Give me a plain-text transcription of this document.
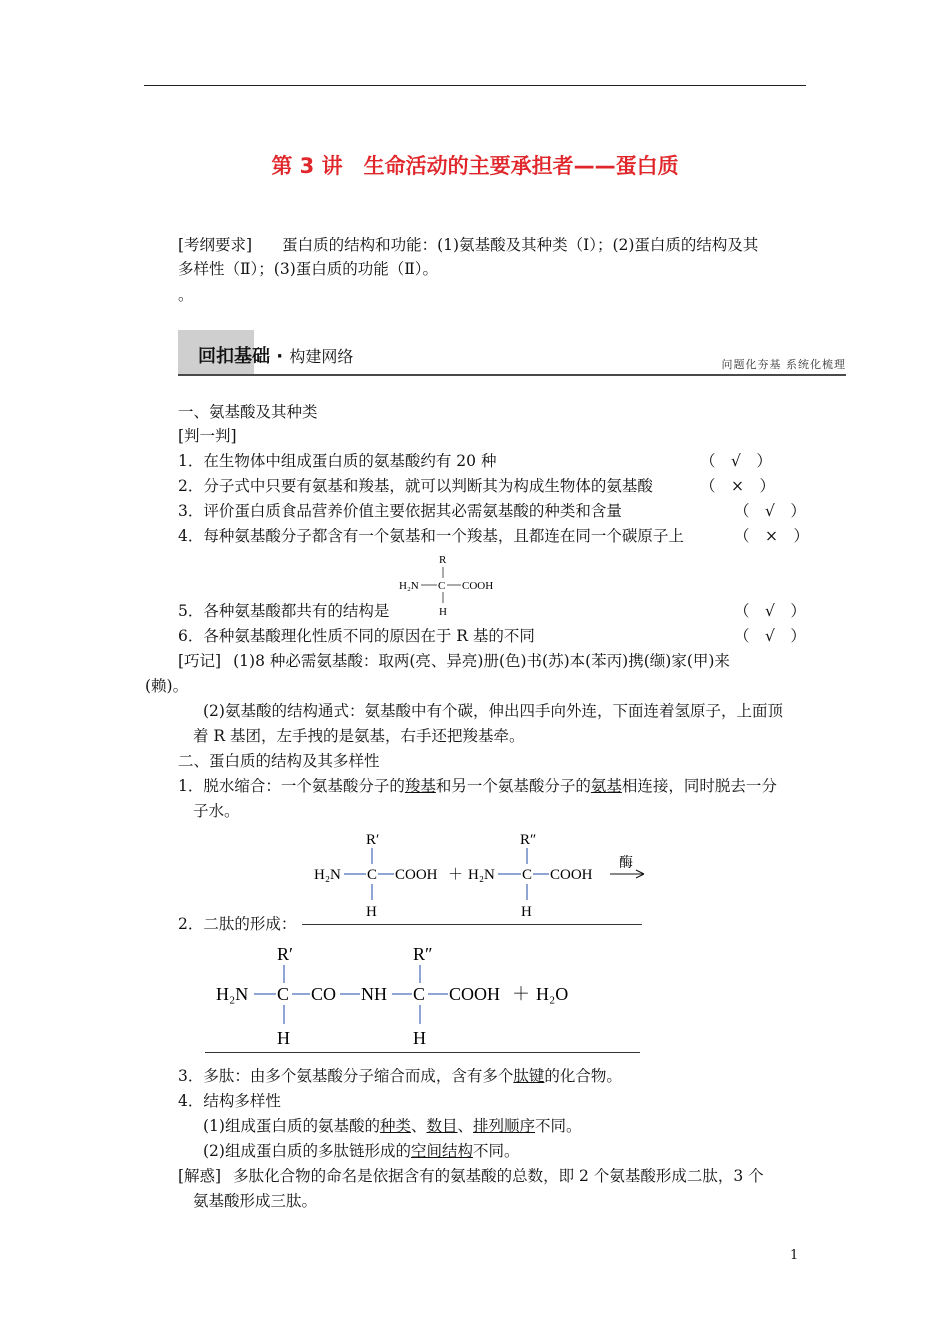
第 3 讲　生命活动的主要承担者——蛋白质
[考纲要求] 蛋白质的结构和功能：(1)氨基酸及其种类（Ⅰ）；(2)蛋白质的结构及其
多样性（Ⅱ）；(3)蛋白质的功能（Ⅱ）。
。
回扣基础 · 构建网络	问题化夯基 系统化梳理
一、氨基酸及其种类
[判一判]
1．在生物体中组成蛋白质的氨基酸约有 20 种	（　√　）
2．分子式中只要有氨基和羧基，就可以判断其为构成生物体的氨基酸	（　×　）
3．评价蛋白质食品营养价值主要依据其必需氨基酸的种类和含量	（　√　）
4．每种氨基酸分子都含有一个氨基和一个羧基，且都连在同一个碳原子上	（　×　）
R
H₂N C COOH
H
5．各种氨基酸都共有的结构是	（　√　）
6．各种氨基酸理化性质不同的原因在于 R 基的不同	（　√　）
[巧记] (1)8 种必需氨基酸：取两(亮、异亮)册(色)书(苏)本(苯丙)携(缬)家(甲)来
(赖)。
(2)氨基酸的结构通式：氨基酸中有个碳，伸出四手向外连，下面连着氢原子，上面顶
着 R 基团，左手拽的是氨基，右手还把羧基牵。
二、蛋白质的结构及其多样性
1．脱水缩合：一个氨基酸分子的羧基和另一个氨基酸分子的氨基相连接，同时脱去一分
子水。
R′
H₂N C COOH
H
＋
R″
H₂N C COOH
H
酶
2．二肽的形成：
R′
H₂N C CO NH C
R″
COOH ＋ H₂O
H	H
3．多肽：由多个氨基酸分子缩合而成，含有多个肽键的化合物。
4．结构多样性
(1)组成蛋白质的氨基酸的种类、数目、排列顺序不同。
(2)组成蛋白质的多肽链形成的空间结构不同。
[解惑] 多肽化合物的命名是依据含有的氨基酸的总数，即 2 个氨基酸形成二肽，3 个
氨基酸形成三肽。
1
